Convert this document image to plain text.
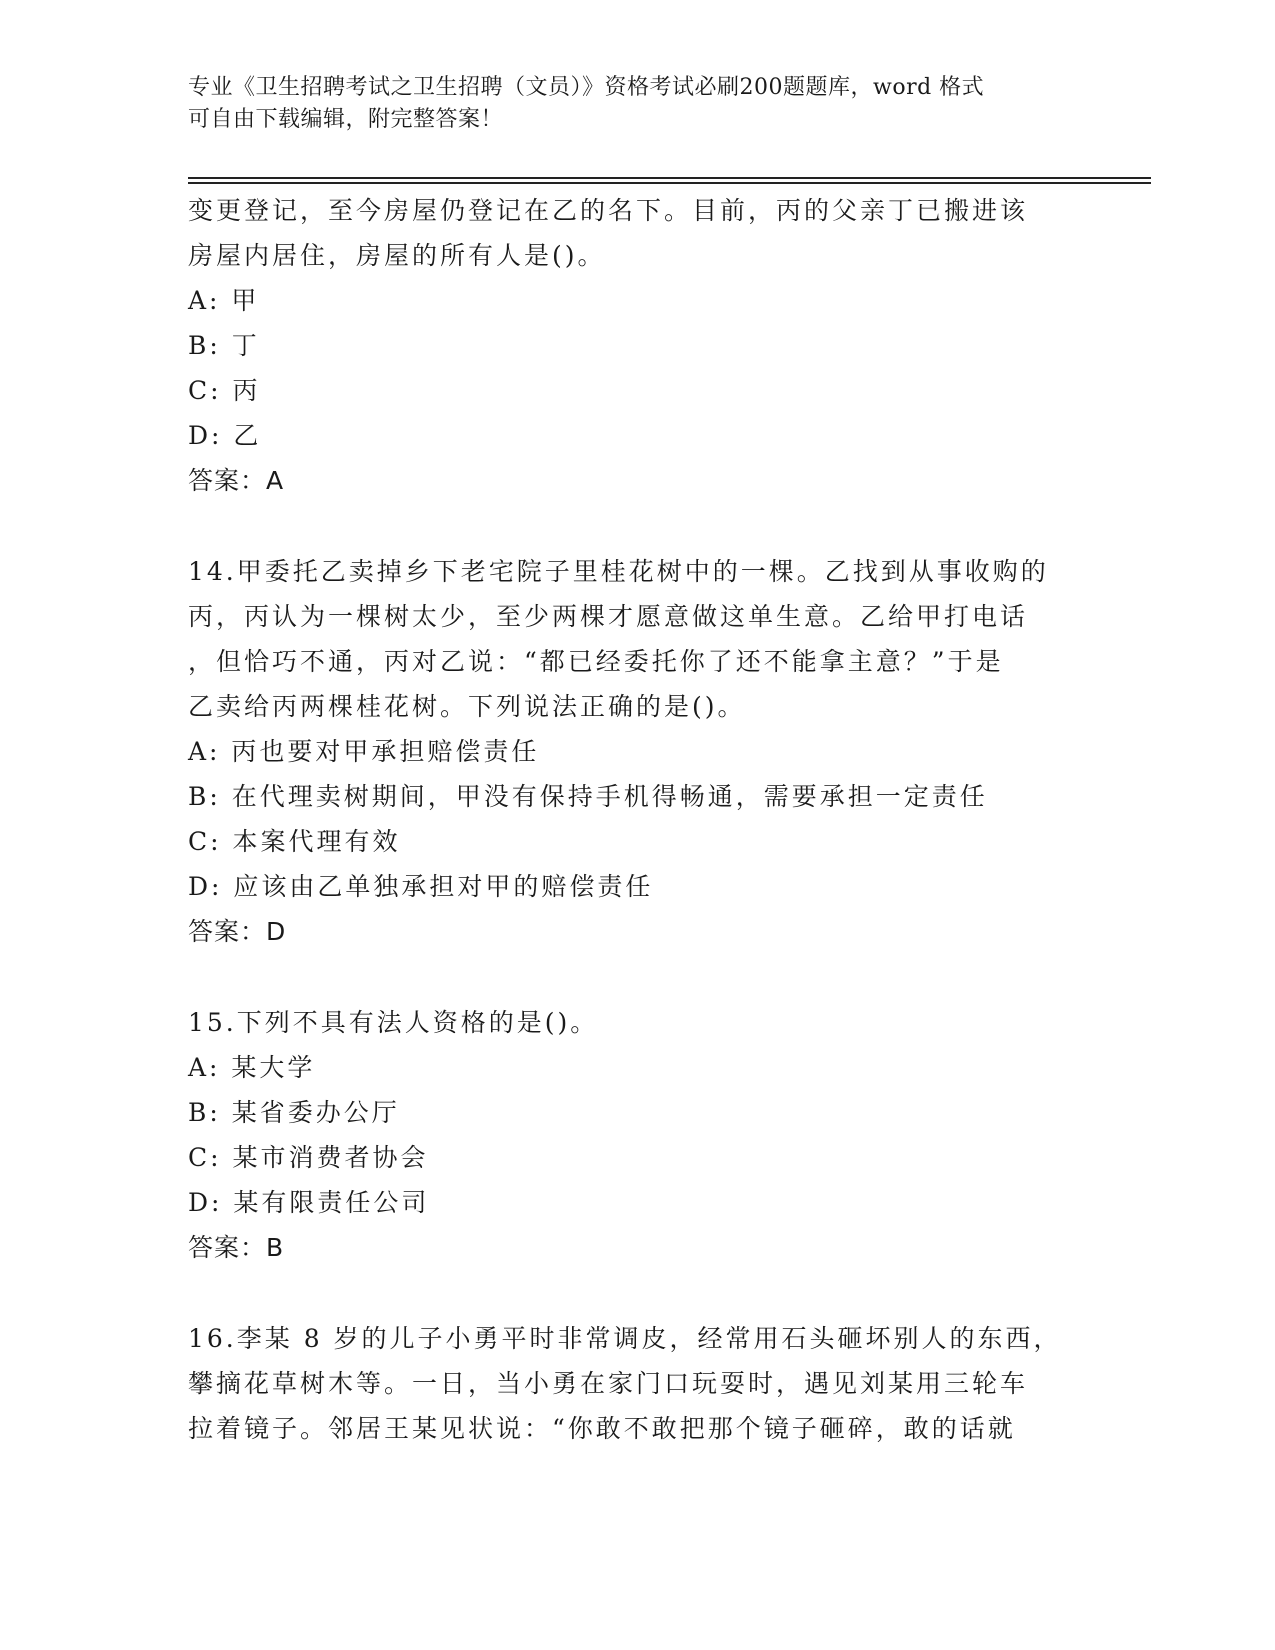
专业《卫生招聘考试之卫生招聘（文员）》资格考试必刷200题题库，word 格式
可自由下载编辑，附完整答案！
变更登记，至今房屋仍登记在乙的名下。目前，丙的父亲丁已搬进该
房屋内居住，房屋的所有人是()。
A: 甲
B: 丁
C: 丙
D: 乙
答案：A
14.甲委托乙卖掉乡下老宅院子里桂花树中的一棵。乙找到从事收购的
丙，丙认为一棵树太少，至少两棵才愿意做这单生意。乙给甲打电话
，但恰巧不通，丙对乙说：“都已经委托你了还不能拿主意？”于是
乙卖给丙两棵桂花树。下列说法正确的是()。
A: 丙也要对甲承担赔偿责任
B: 在代理卖树期间，甲没有保持手机得畅通，需要承担一定责任
C: 本案代理有效
D: 应该由乙单独承担对甲的赔偿责任
答案：D
15.下列不具有法人资格的是()。
A: 某大学
B: 某省委办公厅
C: 某市消费者协会
D: 某有限责任公司
答案：B
16.李某 8 岁的儿子小勇平时非常调皮，经常用石头砸坏别人的东西，
攀摘花草树木等。一日，当小勇在家门口玩耍时，遇见刘某用三轮车
拉着镜子。邻居王某见状说：“你敢不敢把那个镜子砸碎，敢的话就
